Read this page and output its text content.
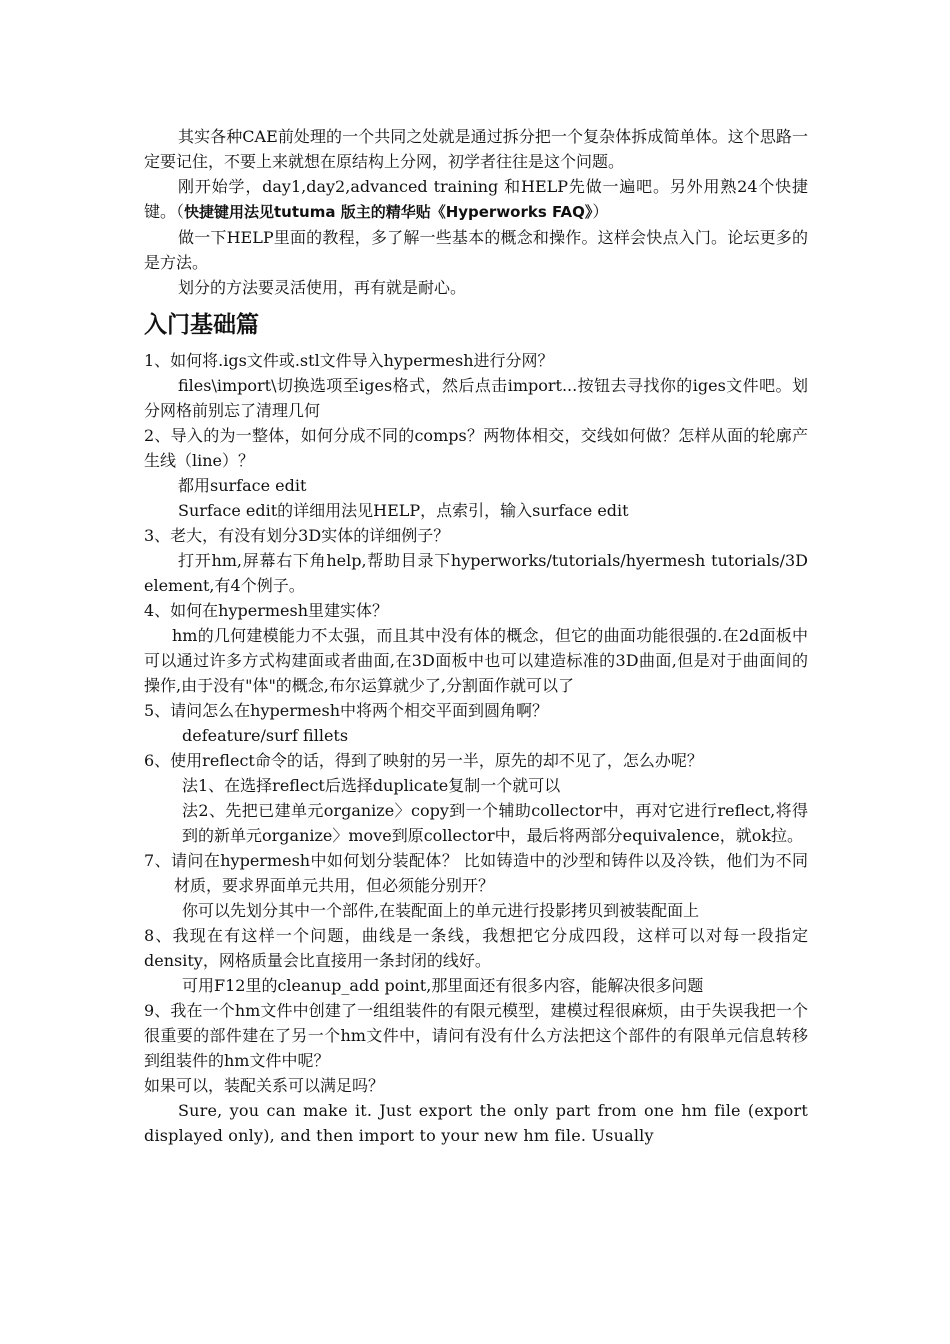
其实各种CAE前处理的一个共同之处就是通过拆分把一个复杂体拆成简单体。这个思路一定要记住，不要上来就想在原结构上分网，初学者往往是这个问题。

刚开始学，day1,day2,advanced training 和HELP先做一遍吧。另外用熟24个快捷键。（快捷键用法见tutuma 版主的精华贴《Hyperworks FAQ》）

做一下HELP里面的教程，多了解一些基本的概念和操作。这样会快点入门。论坛更多的是方法。

划分的方法要灵活使用，再有就是耐心。

入门基础篇

1、如何将.igs文件或.stl文件导入hypermesh进行分网？

files\import\切换选项至iges格式，然后点击import...按钮去寻找你的iges文件吧。划分网格前别忘了清理几何

2、导入的为一整体，如何分成不同的comps？两物体相交，交线如何做？怎样从面的轮廓产生线（line）？

都用surface edit

Surface edit的详细用法见HELP，点索引，输入surface edit

3、老大，有没有划分3D实体的详细例子？

打开hm,屏幕右下角help,帮助目录下hyperworks/tutorials/hyermesh tutorials/3D element,有4个例子。

4、如何在hypermesh里建实体？

hm的几何建模能力不太强，而且其中没有体的概念，但它的曲面功能很强的.在2d面板中可以通过许多方式构建面或者曲面,在3D面板中也可以建造标准的3D曲面,但是对于曲面间的操作,由于没有"体"的概念,布尔运算就少了,分割面作就可以了

5、请问怎么在hypermesh中将两个相交平面到圆角啊？

defeature/surf fillets

6、使用reflect命令的话，得到了映射的另一半，原先的却不见了，怎么办呢？

法1、在选择reflect后选择duplicate复制一个就可以

法2、先把已建单元organize〉copy到一个辅助collector中，再对它进行reflect,将得到的新单元organize〉move到原collector中，最后将两部分equivalence，就ok拉。

7、请问在hypermesh中如何划分装配体？ 比如铸造中的沙型和铸件以及冷铁，他们为不同材质，要求界面单元共用，但必须能分别开？

你可以先划分其中一个部件,在装配面上的单元进行投影拷贝到被装配面上

8、我现在有这样一个问题，曲线是一条线，我想把它分成四段，这样可以对每一段指定density，网格质量会比直接用一条封闭的线好。

可用F12里的cleanup_add point,那里面还有很多内容，能解决很多问题

9、我在一个hm文件中创建了一组组装件的有限元模型，建模过程很麻烦，由于失误我把一个很重要的部件建在了另一个hm文件中，请问有没有什么方法把这个部件的有限单元信息转移到组装件的hm文件中呢？

如果可以，装配关系可以满足吗？

Sure, you can make it. Just export the only part from one hm file (export displayed only), and then import to your new hm file. Usually
